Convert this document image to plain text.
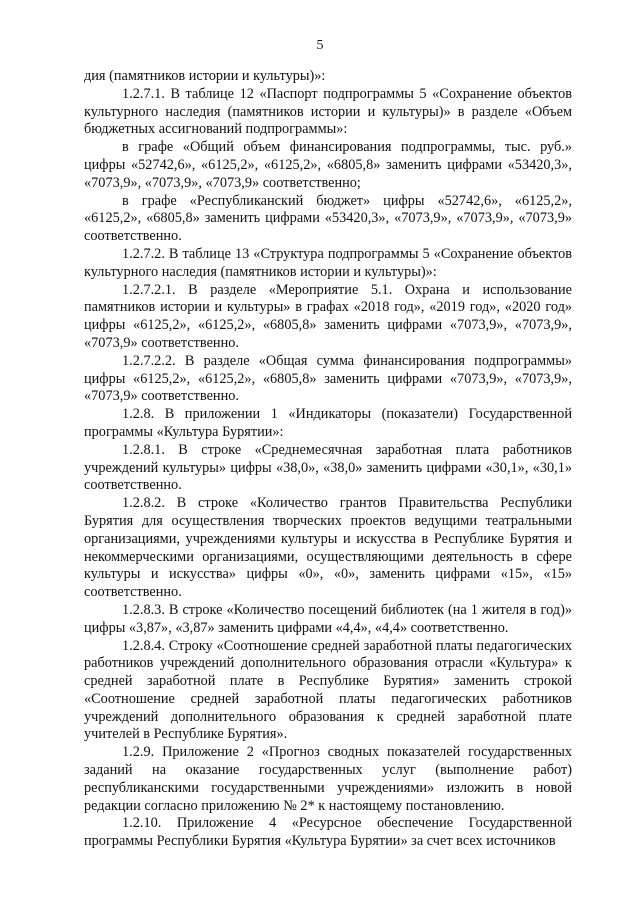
5

дия (памятников истории и культуры)»:

1.2.7.1. В таблице 12 «Паспорт подпрограммы 5 «Сохранение объектов культурного наследия (памятников истории и культуры)» в разделе «Объем бюджетных ассигнований подпрограммы»:

в графе «Общий объем финансирования подпрограммы, тыс. руб.» цифры «52742,6», «6125,2», «6125,2», «6805,8» заменить цифрами «53420,3», «7073,9», «7073,9», «7073,9» соответственно;

в графе «Республиканский бюджет» цифры «52742,6», «6125,2», «6125,2», «6805,8» заменить цифрами «53420,3», «7073,9», «7073,9», «7073,9» соответственно.

1.2.7.2. В таблице 13 «Структура подпрограммы 5 «Сохранение объектов культурного наследия (памятников истории и культуры)»:

1.2.7.2.1. В разделе «Мероприятие 5.1. Охрана и использование памятников истории и культуры» в графах «2018 год», «2019 год», «2020 год» цифры «6125,2», «6125,2», «6805,8» заменить цифрами «7073,9», «7073,9», «7073,9» соответственно.

1.2.7.2.2. В разделе «Общая сумма финансирования подпрограммы» цифры «6125,2», «6125,2», «6805,8» заменить цифрами «7073,9», «7073,9», «7073,9» соответственно.

1.2.8. В приложении 1 «Индикаторы (показатели) Государственной программы «Культура Бурятии»:

1.2.8.1. В строке «Среднемесячная заработная плата работников учреждений культуры» цифры «38,0», «38,0» заменить цифрами «30,1», «30,1» соответственно.

1.2.8.2. В строке «Количество грантов Правительства Республики Бурятия для осуществления творческих проектов ведущими театральными организациями, учреждениями культуры и искусства в Республике Бурятия и некоммерческими организациями, осуществляющими деятельность в сфере культуры и искусства» цифры «0», «0», заменить цифрами «15», «15» соответственно.

1.2.8.3. В строке «Количество посещений библиотек (на 1 жителя в год)» цифры «3,87», «3,87» заменить цифрами «4,4», «4,4» соответственно.

1.2.8.4. Строку «Соотношение средней заработной платы педагогических работников учреждений дополнительного образования отрасли «Культура» к средней заработной плате в Республике Бурятия» заменить строкой «Соотношение средней заработной платы педагогических работников учреждений дополнительного образования к средней заработной плате учителей в Республике Бурятия».

1.2.9. Приложение 2 «Прогноз сводных показателей государственных заданий на оказание государственных услуг (выполнение работ) республиканскими государственными учреждениями» изложить в новой редакции согласно приложению № 2* к настоящему постановлению.

1.2.10. Приложение 4 «Ресурсное обеспечение Государственной программы Республики Бурятия «Культура Бурятии» за счет всех источников
